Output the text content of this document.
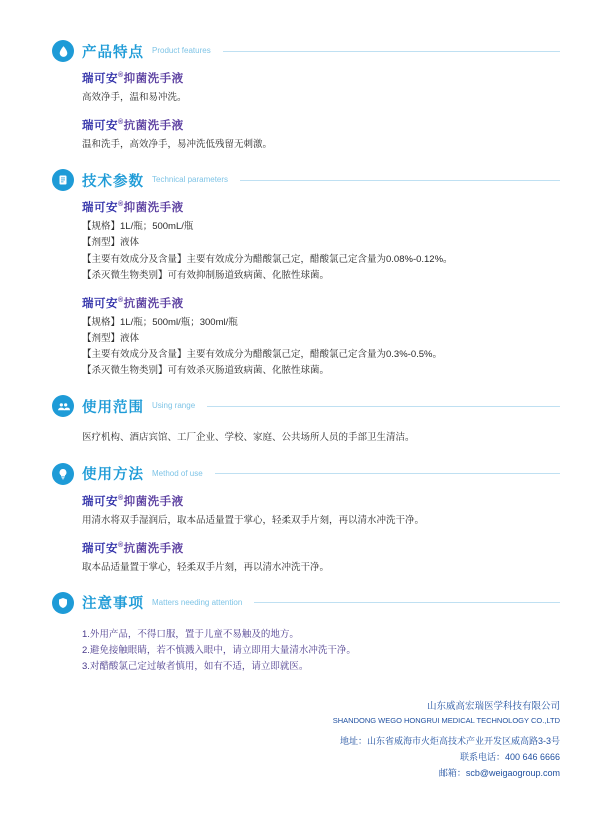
产品特点 Product features

瑞可安®抑菌洗手液

高效净手，温和易冲洗。

瑞可安®抗菌洗手液

温和洗手，高效净手，易冲洗低残留无刺激。

技术参数 Technical parameters

瑞可安®抑菌洗手液

【规格】1L/瓶；500mL/瓶

【剂型】液体

【主要有效成分及含量】主要有效成分为醋酸氯己定，醋酸氯己定含量为0.08%-0.12%。

【杀灭微生物类别】可有效抑制肠道致病菌、化脓性球菌。

瑞可安®抗菌洗手液

【规格】1L/瓶；500ml/瓶；300ml/瓶

【剂型】液体

【主要有效成分及含量】主要有效成分为醋酸氯己定，醋酸氯己定含量为0.3%-0.5%。

【杀灭微生物类别】可有效杀灭肠道致病菌、化脓性球菌。

使用范围 Using range

医疗机构、酒店宾馆、工厂企业、学校、家庭、公共场所人员的手部卫生清洁。

使用方法 Method of use

瑞可安®抑菌洗手液

用清水将双手湿润后，取本品适量置于掌心，轻柔双手片刻，再以清水冲洗干净。

瑞可安®抗菌洗手液

取本品适量置于掌心，轻柔双手片刻，再以清水冲洗干净。

注意事项 Matters needing attention

1.外用产品，不得口服，置于儿童不易触及的地方。

2.避免接触眼睛，若不慎溅入眼中，请立即用大量清水冲洗干净。

3.对醋酸氯己定过敏者慎用，如有不适，请立即就医。

山东威高宏瑞医学科技有限公司

SHANDONG WEGO HONGRUI MEDICAL TECHNOLOGY CO.,LTD

地址：山东省威海市火炬高技术产业开发区威高路3-3号

联系电话：400 646 6666

邮箱：scb@weigaogroup.com
